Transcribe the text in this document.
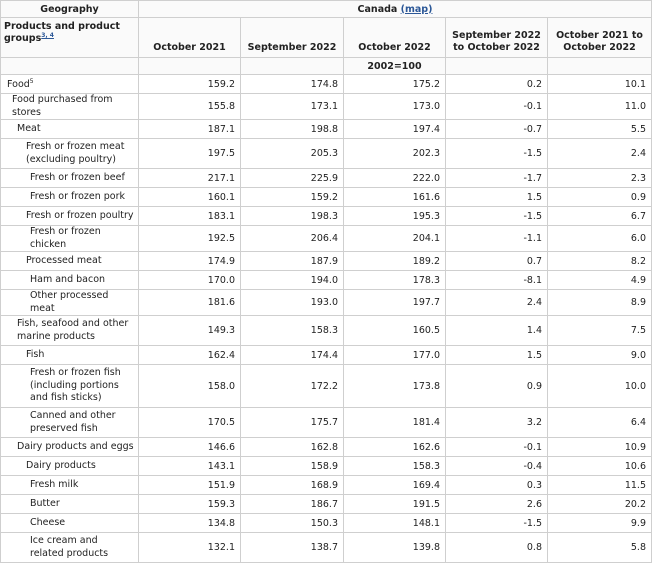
Geography	Canada (map)				
Products and product groups$^{3, 4}$	October 2021	September 2022	October 2022	September 2022 to October 2022	October 2021 to October 2022
			2002=100		
Food$^5$	159.2	174.8	175.2	0.2	10.1
Food purchased from stores	155.8	173.1	173.0	-0.1	11.0
Meat	187.1	198.8	197.4	-0.7	5.5
Fresh or frozen meat (excluding poultry)	197.5	205.3	202.3	-1.5	2.4
Fresh or frozen beef	217.1	225.9	222.0	-1.7	2.3
Fresh or frozen pork	160.1	159.2	161.6	1.5	0.9
Fresh or frozen poultry	183.1	198.3	195.3	-1.5	6.7
Fresh or frozen chicken	192.5	206.4	204.1	-1.1	6.0
Processed meat	174.9	187.9	189.2	0.7	8.2
Ham and bacon	170.0	194.0	178.3	-8.1	4.9
Other processed meat	181.6	193.0	197.7	2.4	8.9
Fish, seafood and other marine products	149.3	158.3	160.5	1.4	7.5
Fish	162.4	174.4	177.0	1.5	9.0
Fresh or frozen fish (including portions and fish sticks)	158.0	172.2	173.8	0.9	10.0
Canned and other preserved fish	170.5	175.7	181.4	3.2	6.4
Dairy products and eggs	146.6	162.8	162.6	-0.1	10.9
Dairy products	143.1	158.9	158.3	-0.4	10.6
Fresh milk	151.9	168.9	169.4	0.3	11.5
Butter	159.3	186.7	191.5	2.6	20.2
Cheese	134.8	150.3	148.1	-1.5	9.9
Ice cream and related products	132.1	138.7	139.8	0.8	5.8
